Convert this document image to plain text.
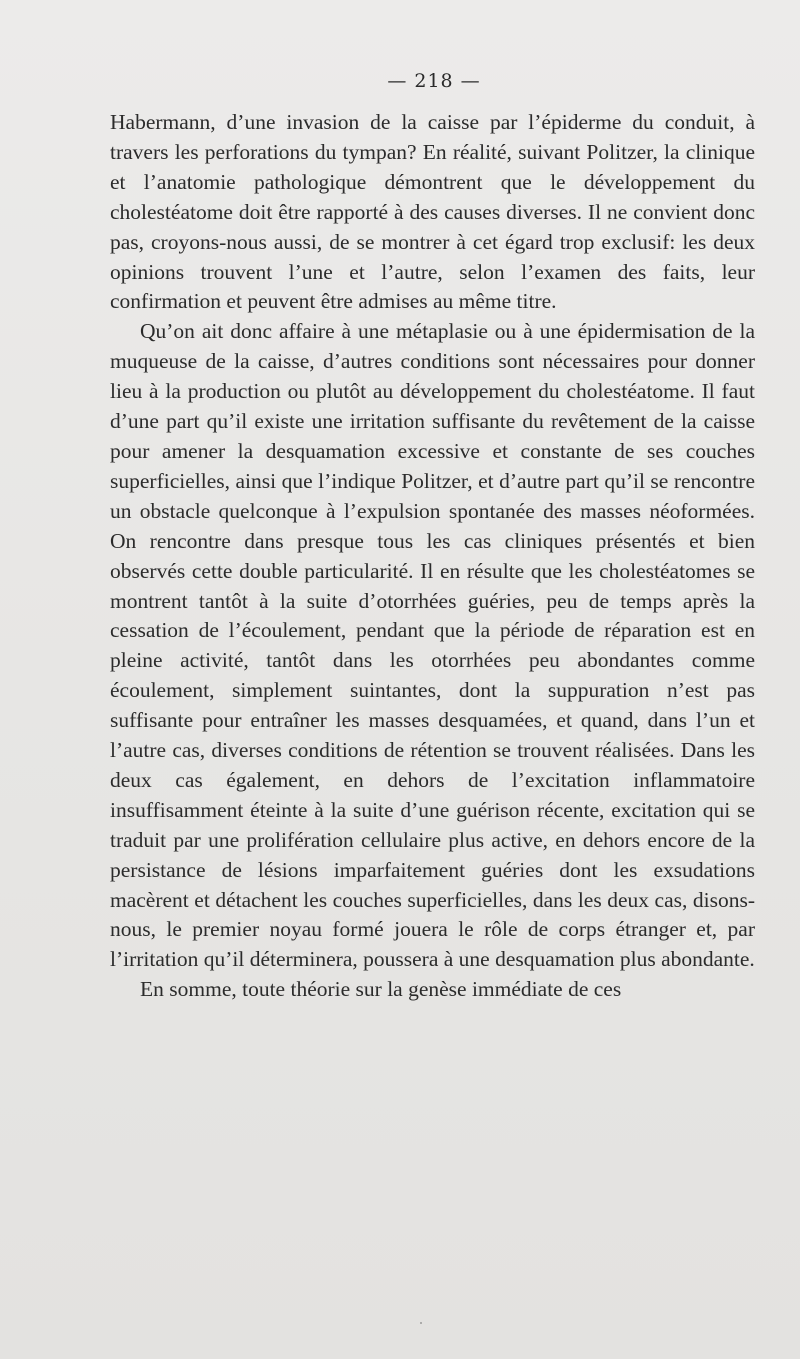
— 218 —

Habermann, d’une invasion de la caisse par l’épiderme du conduit, à travers les perforations du tympan? En réalité, suivant Politzer, la clinique et l’anatomie pathologique démontrent que le développement du cholestéatome doit être rapporté à des causes diverses. Il ne convient donc pas, croyons-nous aussi, de se montrer à cet égard trop exclusif: les deux opinions trouvent l’une et l’autre, selon l’examen des faits, leur confirmation et peuvent être admises au même titre.

Qu’on ait donc affaire à une métaplasie ou à une épidermisation de la muqueuse de la caisse, d’autres conditions sont nécessaires pour donner lieu à la production ou plutôt au développement du cholestéatome. Il faut d’une part qu’il existe une irritation suffisante du revêtement de la caisse pour amener la desquamation excessive et constante de ses couches superficielles, ainsi que l’indique Politzer, et d’autre part qu’il se rencontre un obstacle quelconque à l’expulsion spontanée des masses néoformées. On rencontre dans presque tous les cas cliniques présentés et bien observés cette double particularité. Il en résulte que les cholestéatomes se montrent tantôt à la suite d’otorrhées guéries, peu de temps après la cessation de l’écoulement, pendant que la période de réparation est en pleine activité, tantôt dans les otorrhées peu abondantes comme écoulement, simplement suintantes, dont la suppuration n’est pas suffisante pour entraîner les masses desquamées, et quand, dans l’un et l’autre cas, diverses conditions de rétention se trouvent réalisées. Dans les deux cas également, en dehors de l’excitation inflammatoire insuffisamment éteinte à la suite d’une guérison récente, excitation qui se traduit par une prolifération cellulaire plus active, en dehors encore de la persistance de lésions imparfaitement guéries dont les exsudations macèrent et détachent les couches superficielles, dans les deux cas, disons-nous, le premier noyau formé jouera le rôle de corps étranger et, par l’irritation qu’il déterminera, poussera à une desquamation plus abondante.

En somme, toute théorie sur la genèse immédiate de ces
